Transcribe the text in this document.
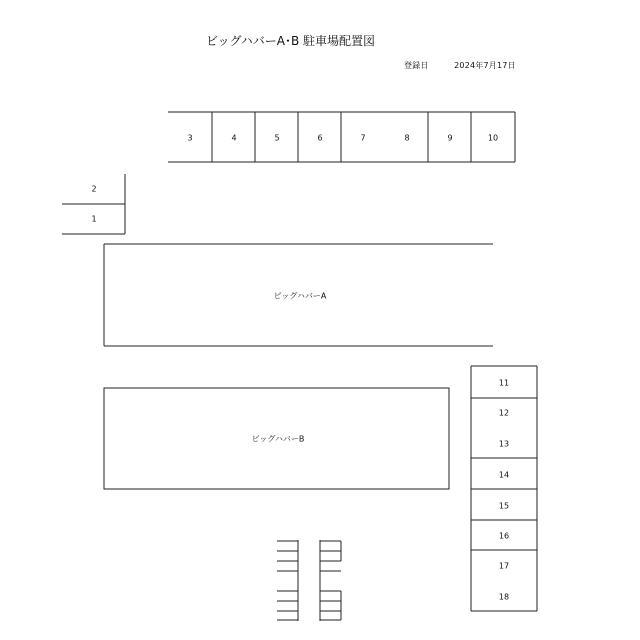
ビッグハバーA･B 駐車場配置図
登録日	2024年7月17日
ビッグハバーA
ビッグハバーB
1
2
3	4	5	6	7	8	9	10
11
12
13
14
15
16
17
18
